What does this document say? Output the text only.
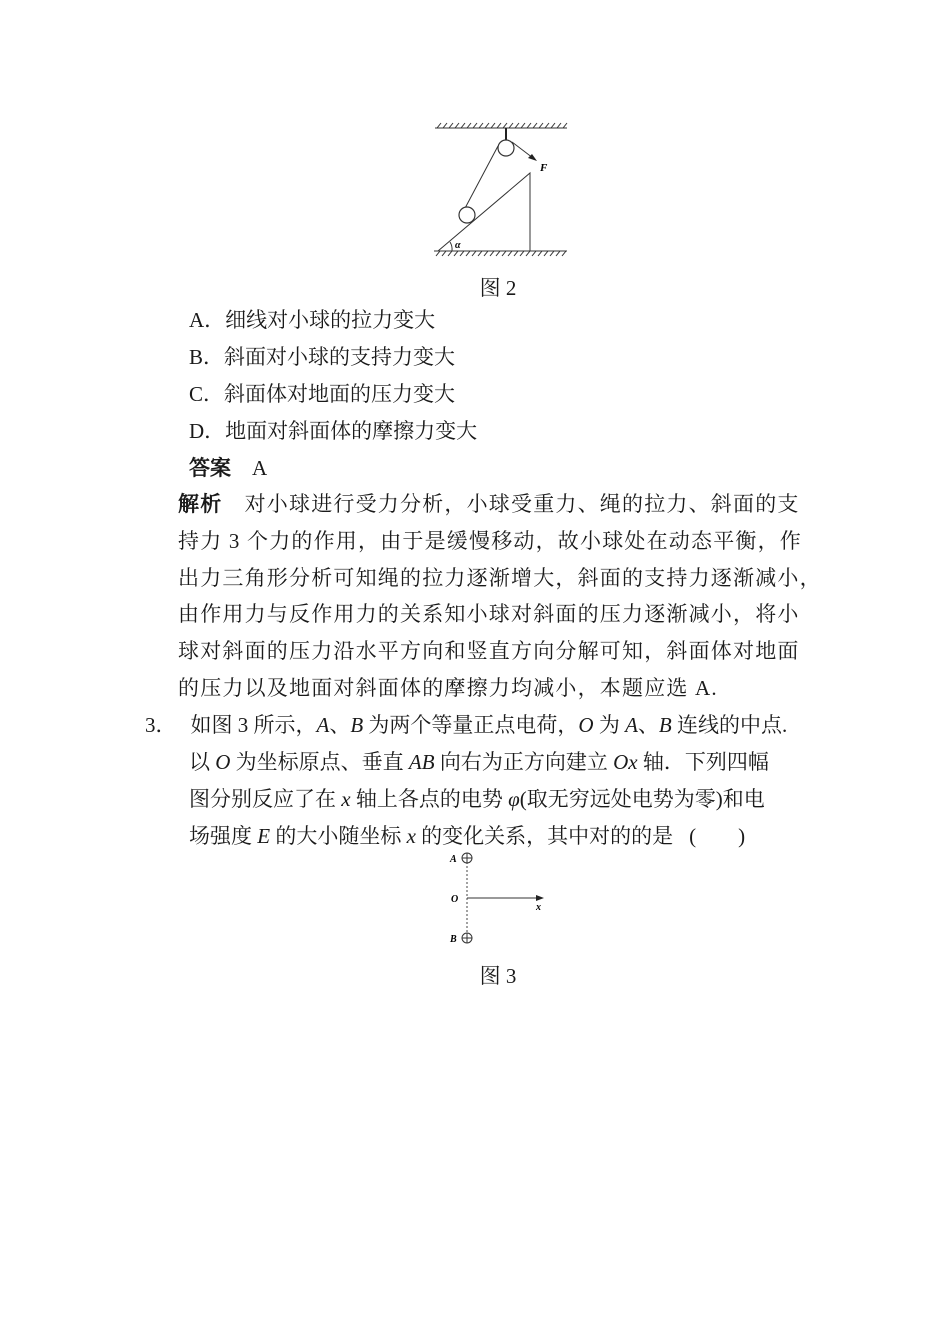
F
α
图 2
A．细线对小球的拉力变大
B．斜面对小球的支持力变大
C．斜面体对地面的压力变大
D．地面对斜面体的摩擦力变大
答案　 A
解析　 对小球进行受力分析，小球受重力、绳的拉力、斜面的支
持力 3 个力的作用，由于是缓慢移动，故小球处在动态平衡，作
出力三角形分析可知绳的拉力逐渐增大，斜面的支持力逐渐减小，
由作用力与反作用力的关系知小球对斜面的压力逐渐减小，将小
球对斜面的压力沿水平方向和竖直方向分解可知，斜面体对地面
的压力以及地面对斜面体的摩擦力均减小，本题应选 A.
3． 如图 3 所示，A、B 为两个等量正点电荷，O 为 A、B 连线的中点.
以 O 为坐标原点、垂直 AB 向右为正方向建立 Ox 轴．下列四幅
图分别反应了在 x 轴上各点的电势 φ(取无穷远处电势为零)和电
场强度 E 的大小随坐标 x 的变化关系，其中对的的是 (　　)
A
O
B
x
图 3
